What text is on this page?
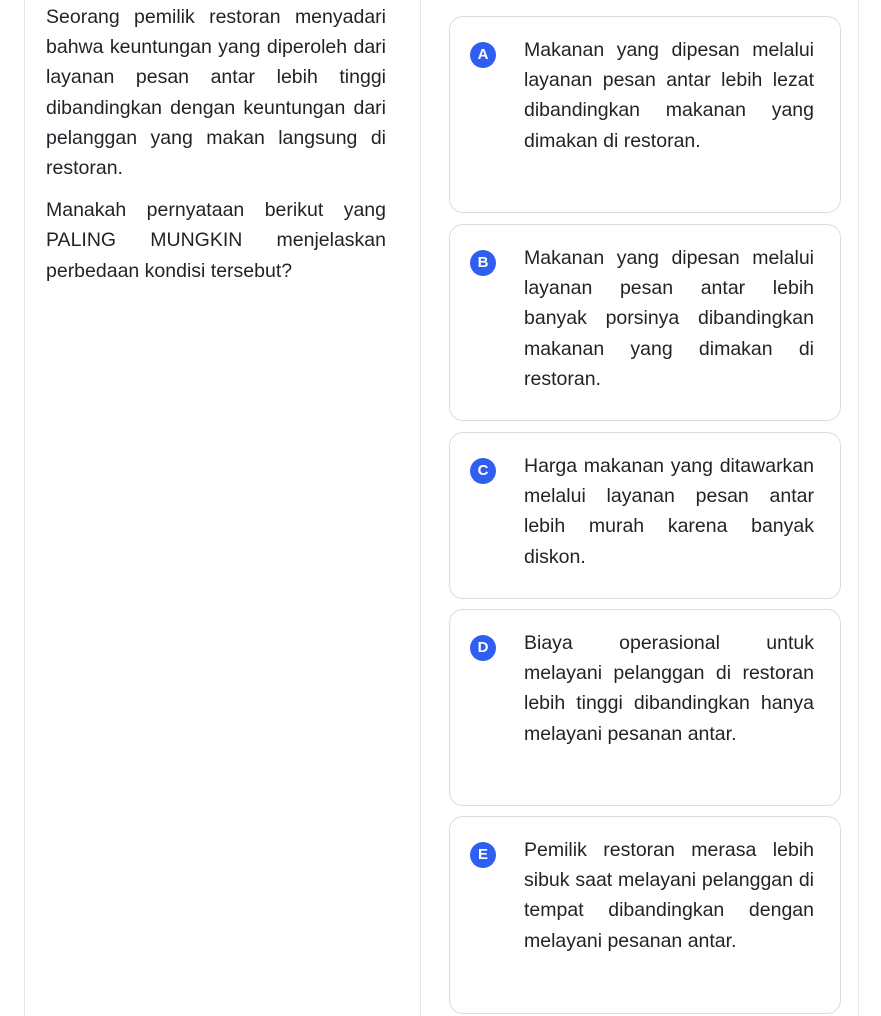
Seorang pemilik restoran menyadari bahwa keuntungan yang diperoleh dari layanan pesan antar lebih tinggi dibandingkan dengan keuntungan dari pelanggan yang makan langsung di restoran.

Manakah pernyataan berikut yang PALING MUNGKIN menjelaskan perbedaan kondisi tersebut?

A	Makanan yang dipesan melalui layanan pesan antar lebih lezat dibandingkan makanan yang dimakan di restoran.
B	Makanan yang dipesan melalui layanan pesan antar lebih banyak porsinya dibandingkan makanan yang dimakan di restoran.
C	Harga makanan yang ditawarkan melalui layanan pesan antar lebih murah karena banyak diskon.
D	Biaya operasional untuk melayani pelanggan di restoran lebih tinggi dibandingkan hanya melayani pesanan antar.
E	Pemilik restoran merasa lebih sibuk saat melayani pelanggan di tempat dibandingkan dengan melayani pesanan antar.
